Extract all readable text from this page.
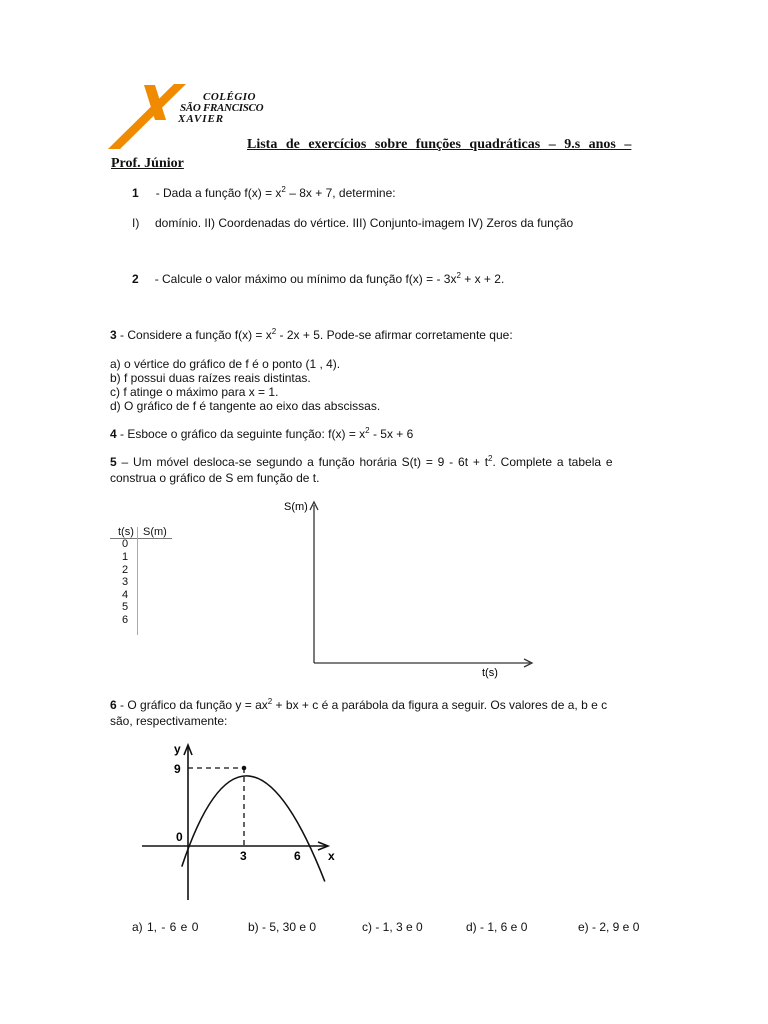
COLÉGIO
SÃO FRANCISCO
XAVIER
Lista de exercícios sobre funções quadráticas – 9.s anos –
Prof. Júnior
1 - Dada a função $f(x) = x^2 - 8x + 7$, determine:
I) domínio. II) Coordenadas do vértice. III) Conjunto-imagem IV) Zeros da função
2 - Calcule o valor máximo ou mínimo da função f(x) = - $3x^2 + x + 2$.
3 - Considere a função $f(x) = x^2 - 2x + 5$. Pode-se afirmar corretamente que:
a) o vértice do gráfico de f é o ponto (1 , 4).
b) f possui duas raízes reais distintas.
c) f atinge o máximo para x = 1.
d) O gráfico de f é tangente ao eixo das abscissas.
4 - Esboce o gráfico da seguinte função: $f(x) = x^2 - 5x + 6$
5 – Um móvel desloca-se segundo a função horária $S(t) = 9 - 6t + t^2$. Complete a tabela e
construa o gráfico de S em função de t.
t(s) S(m)
0
1
2
3
4
5
6
S(m)
t(s)
6 - O gráfico da função $y = ax^2$ + bx + c é a parábola da figura a seguir. Os valores de a, b e c
são, respectivamente:
y
x
9
0
3	6
a) 1, - 6 e 0	b) - 5, 30 e 0	c) - 1, 3 e 0	d) - 1, 6 e 0	e) - 2, 9 e 0
